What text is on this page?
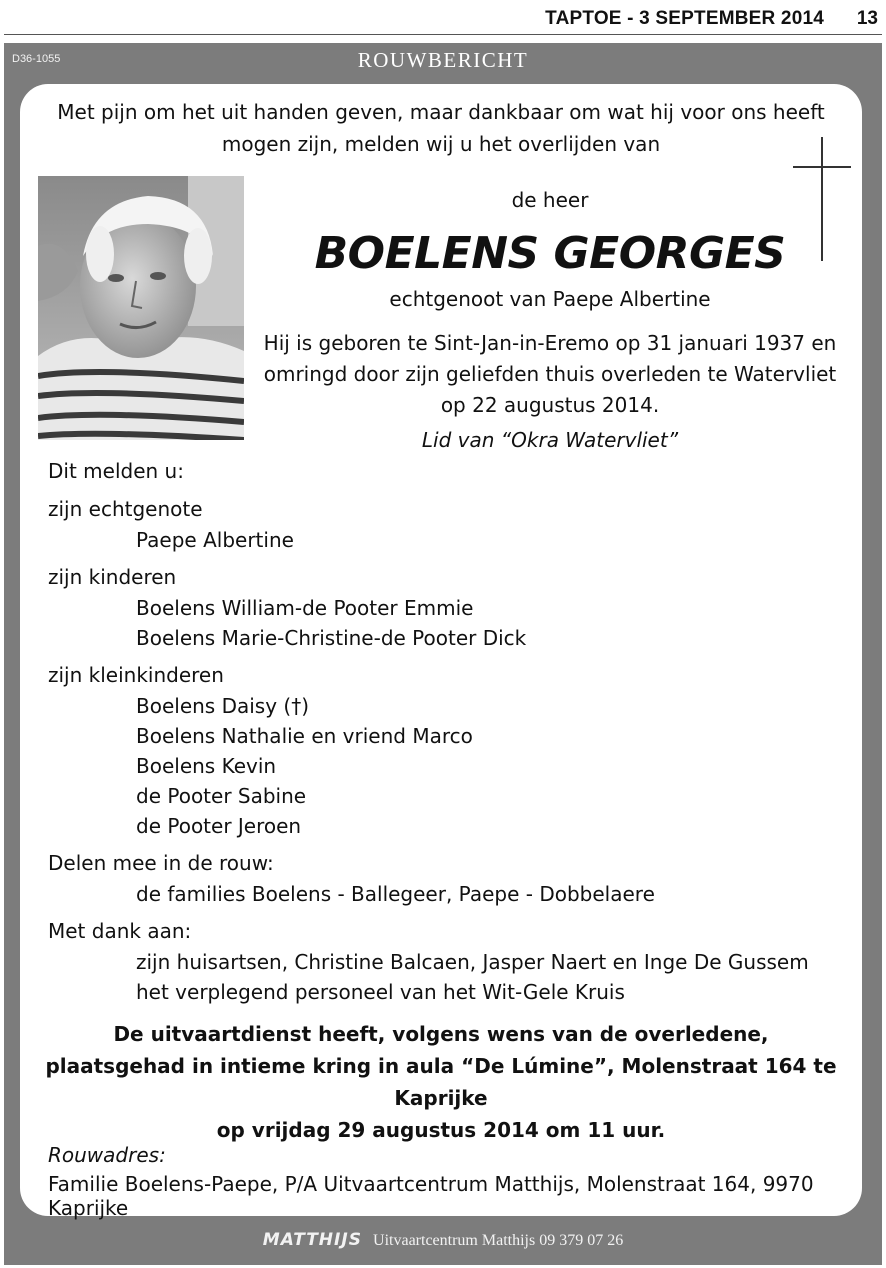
TAPTOE - 3 SEPTEMBER 2014 13
D36-1055	ROUWBERICHT
Met pijn om het uit handen geven, maar dankbaar om wat hij voor ons heeft
mogen zijn, melden wij u het overlijden van
de heer
BOELENS GEORGES
echtgenoot van Paepe Albertine
Hij is geboren te Sint-Jan-in-Eremo op 31 januari 1937 en
omringd door zijn geliefden thuis overleden te Watervliet
op 22 augustus 2014.
Lid van “Okra Watervliet”
Dit melden u:
zijn echtgenote
Paepe Albertine
zijn kinderen
Boelens William-de Pooter Emmie
Boelens Marie-Christine-de Pooter Dick
zijn kleinkinderen
Boelens Daisy (†)
Boelens Nathalie en vriend Marco
Boelens Kevin
de Pooter Sabine
de Pooter Jeroen
Delen mee in de rouw:
de families Boelens - Ballegeer, Paepe - Dobbelaere
Met dank aan:
zijn huisartsen, Christine Balcaen, Jasper Naert en Inge De Gussem
het verplegend personeel van het Wit-Gele Kruis
De uitvaartdienst heeft, volgens wens van de overledene,
plaatsgehad in intieme kring in aula “De Lúmine”, Molenstraat 164 te Kaprijke
op vrijdag 29 augustus 2014 om 11 uur.
Rouwadres:
Familie Boelens-Paepe, P/A Uitvaartcentrum Matthijs, Molenstraat 164, 9970 Kaprijke
MATTHIJS Uitvaartcentrum Matthijs 09 379 07 26
